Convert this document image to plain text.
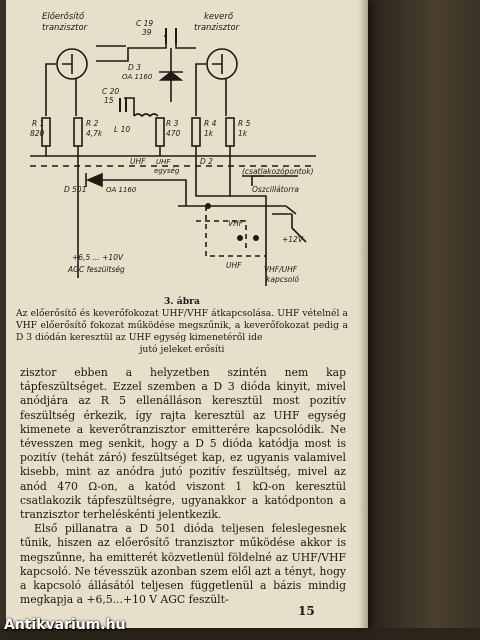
Előerősítő
tranzisztor
keverő
tranzisztor
C 19
39
D 3
OA 1160
C 20
15
L 10
R 1
820
R 2
4,7k
R 3
470
R 4
1k
R 5
1k
UHF UHF
egység
D 2
(csatlakozópontok)
D 501	OA 1160	Oszcillátorra
VHF
+12V
UHF
+6,5 ... +10V
AGC feszültség	VHF/UHF
kapcsoló
3. ábra
Az előerősítő és keverőfokozat UHF/VHF átkapcsolása. UHF vételnél a VHF előerősítő fokozat működése megszűnik, a keverőfokozat pedig a D 3 diódán keresztül az UHF egység kimenetéről ide
jutó jeleket erősíti

zisztor ebben a helyzetben szintén nem kap tápfeszültséget. Ezzel szemben a D 3 dióda kinyit, mivel anódjára az R 5 ellenálláson keresztül most pozitív feszültség érkezik, így rajta keresztül az UHF egység kimenete a keverőtranzisztor emitterére kapcsolódik. Ne tévesszen meg senkit, hogy a D 5 dióda katódja most is pozitív (tehát záró) feszültséget kap, ez ugyanis valamivel kisebb, mint az anódra jutó pozitív feszültség, mivel az anód 470 Ω-on, a katód viszont 1 kΩ-on keresztül csatlakozik tápfeszültségre, ugyanakkor a katódponton a tranzisztor terheléskénti jelentkezik.

Első pillanatra a D 501 dióda teljesen feleslegesnek tűnik, hiszen az előerősítő tranzisztor működése akkor is megszűnne, ha emitterét közvetlenül földelné az UHF/VHF kapcsoló. Ne tévesszük azonban szem elől azt a tényt, hogy a kapcsoló állásától teljesen függetlenül a bázis mindig megkapja a +6,5...+10 V AGC feszült-

15
Antikvarium.hu
